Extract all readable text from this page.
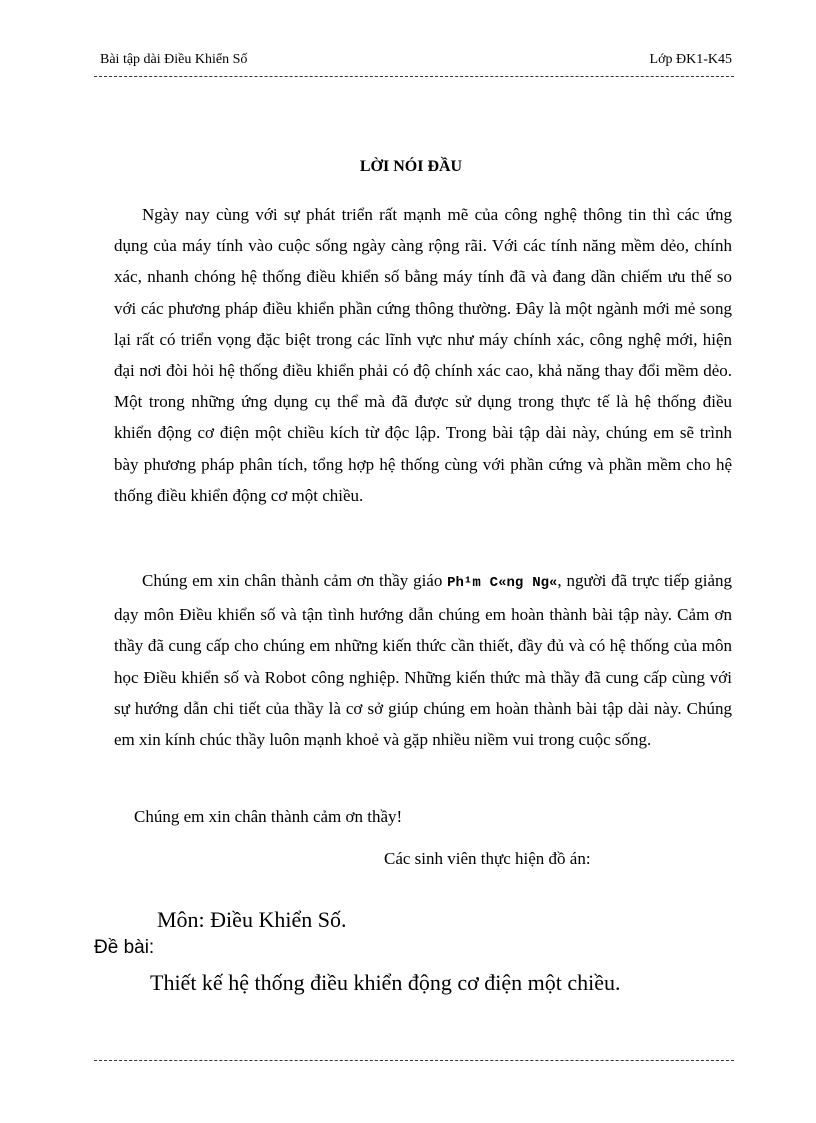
Bài tập dài Điều Khiển Số	Lớp ĐK1-K45
LỜI NÓI ĐẦU

Ngày nay cùng với sự phát triển rất mạnh mẽ của công nghệ thông tin thì các ứng dụng của máy tính vào cuộc sống ngày càng rộng rãi. Với các tính năng mềm dẻo, chính xác, nhanh chóng hệ thống điều khiển số bằng máy tính đã và đang dần chiếm ưu thế so với các phương pháp điều khiển phần cứng thông thường. Đây là một ngành mới mẻ song lại rất có triển vọng đặc biệt trong các lĩnh vực như máy chính xác, công nghệ mới, hiện đại nơi đòi hỏi hệ thống điều khiển phải có độ chính xác cao, khả năng thay đổi mềm dẻo. Một trong những ứng dụng cụ thể mà đã được sử dụng trong thực tế là hệ thống điều khiển động cơ điện một chiều kích từ độc lập. Trong bài tập dài này, chúng em sẽ trình bày phương pháp phân tích, tổng hợp hệ thống cùng với phần cứng và phần mềm cho hệ thống điều khiển động cơ một chiều.

Chúng em xin chân thành cảm ơn thầy giáo Ph¹m C«ng Ng«, người đã trực tiếp giảng dạy môn Điều khiển số và tận tình hướng dẫn chúng em hoàn thành bài tập này. Cảm ơn thầy đã cung cấp cho chúng em những kiến thức cần thiết, đầy đủ và có hệ thống của môn học Điều khiển số và Robot công nghiệp. Những kiến thức mà thầy đã cung cấp cùng với sự hướng dẫn chi tiết của thầy là cơ sở giúp chúng em hoàn thành bài tập dài này. Chúng em xin kính chúc thầy luôn mạnh khoẻ và gặp nhiều niềm vui trong cuộc sống.

Chúng em xin chân thành cảm ơn thầy!
Các sinh viên thực hiện đồ án:
Môn: Điều Khiển Số.
Đề bài:
Thiết kế hệ thống điều khiển động cơ điện một chiều.
